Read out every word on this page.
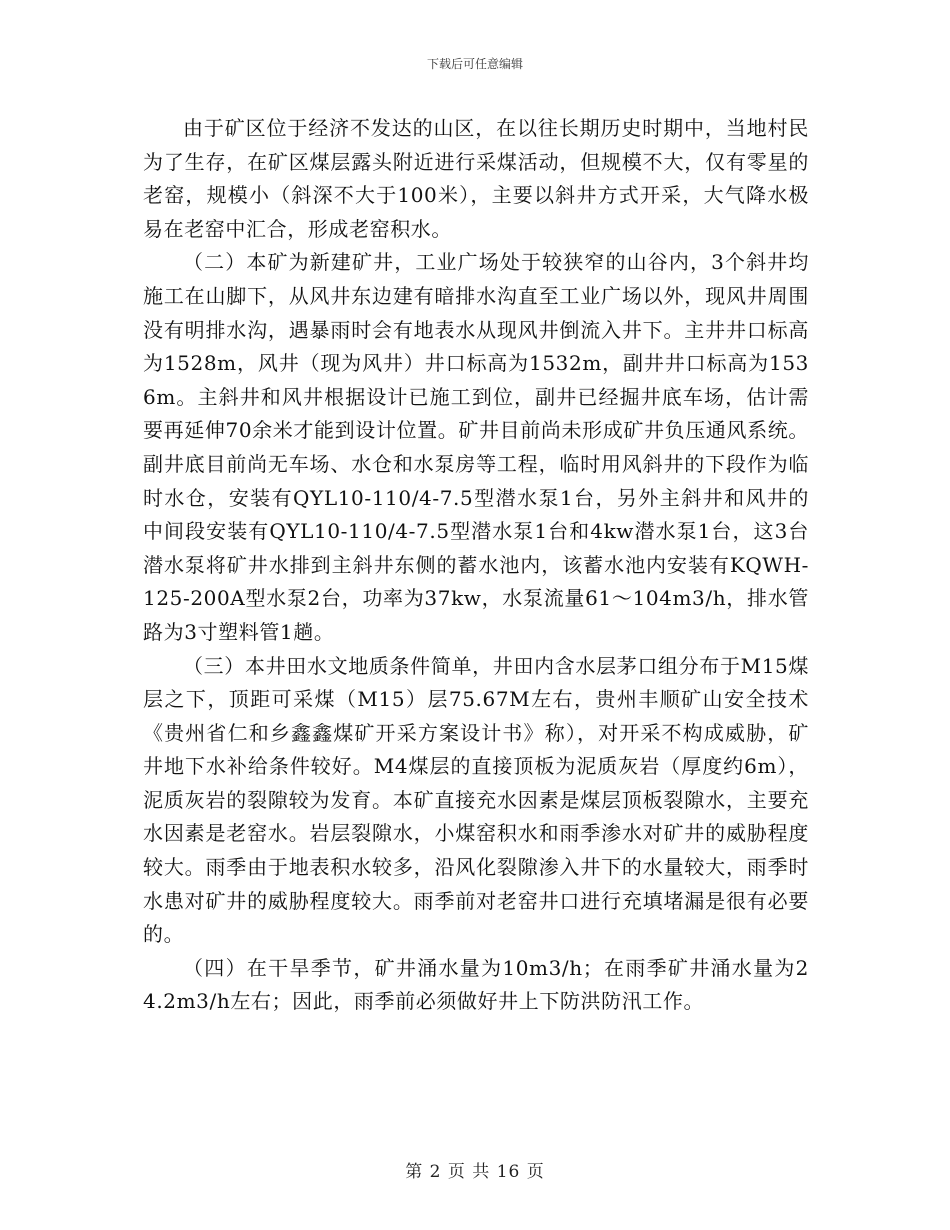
下载后可任意编辑

由于矿区位于经济不发达的山区，在以往长期历史时期中，当地村民为了生存，在矿区煤层露头附近进行采煤活动，但规模不大，仅有零星的老窑，规模小（斜深不大于100米），主要以斜井方式开采，大气降水极易在老窑中汇合，形成老窑积水。

（二）本矿为新建矿井，工业广场处于较狭窄的山谷内，3个斜井均施工在山脚下，从风井东边建有暗排水沟直至工业广场以外，现风井周围没有明排水沟，遇暴雨时会有地表水从现风井倒流入井下。主井井口标高为1528m，风井（现为风井）井口标高为1532m，副井井口标高为1536m。主斜井和风井根据设计已施工到位，副井已经掘井底车场，估计需要再延伸70余米才能到设计位置。矿井目前尚未形成矿井负压通风系统。副井底目前尚无车场、水仓和水泵房等工程，临时用风斜井的下段作为临时水仓，安装有QYL10-110/4-7.5型潜水泵1台，另外主斜井和风井的中间段安装有QYL10-110/4-7.5型潜水泵1台和4kw潜水泵1台，这3台潜水泵将矿井水排到主斜井东侧的蓄水池内，该蓄水池内安装有KQWH-125-200A型水泵2台，功率为37kw，水泵流量61～104m3/h，排水管路为3寸塑料管1趟。

（三）本井田水文地质条件简单，井田内含水层茅口组分布于M15煤层之下，顶距可采煤（M15）层75.67M左右，贵州丰顺矿山安全技术《贵州省仁和乡鑫鑫煤矿开采方案设计书》称），对开采不构成威胁，矿井地下水补给条件较好。M4煤层的直接顶板为泥质灰岩（厚度约6m），泥质灰岩的裂隙较为发育。本矿直接充水因素是煤层顶板裂隙水，主要充水因素是老窑水。岩层裂隙水，小煤窑积水和雨季渗水对矿井的威胁程度较大。雨季由于地表积水较多，沿风化裂隙渗入井下的水量较大，雨季时水患对矿井的威胁程度较大。雨季前对老窑井口进行充填堵漏是很有必要的。

（四）在干旱季节，矿井涌水量为10m3/h；在雨季矿井涌水量为24.2m3/h左右；因此，雨季前必须做好井上下防洪防汛工作。

第 2 页 共 16 页
